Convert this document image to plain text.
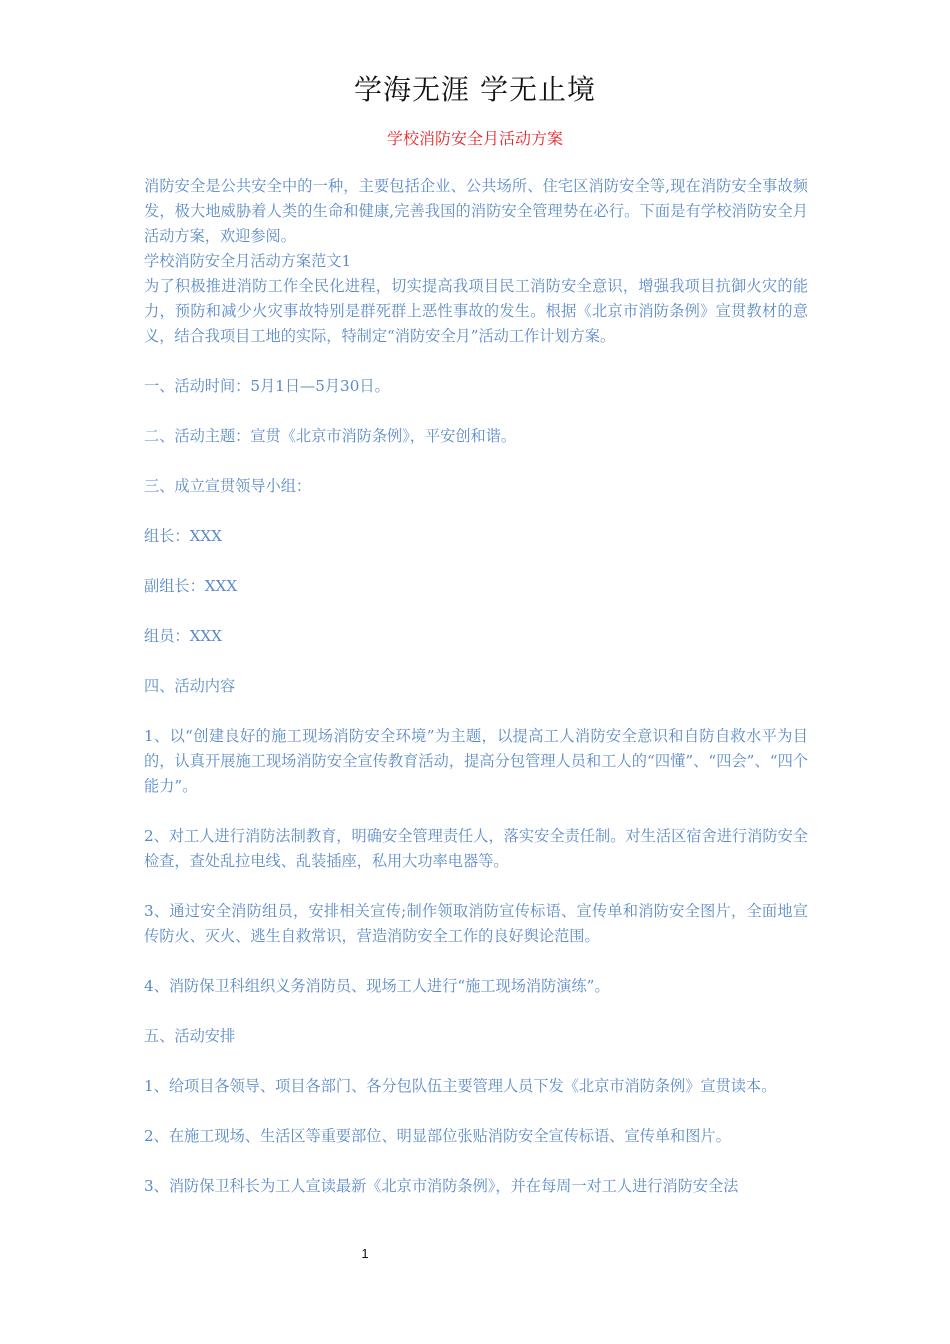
学海无涯 学无止境
学校消防安全月活动方案

消防安全是公共安全中的一种，主要包括企业、公共场所、住宅区消防安全等,现在消防安全事故频发，极大地威胁着人类的生命和健康,完善我国的消防安全管理势在必行。下面是有学校消防安全月活动方案，欢迎参阅。

学校消防安全月活动方案范文1

为了积极推进消防工作全民化进程，切实提高我项目民工消防安全意识，增强我项目抗御火灾的能力，预防和减少火灾事故特别是群死群上恶性事故的发生。根据《北京市消防条例》宣贯教材的意义，结合我项目工地的实际，特制定“消防安全月”活动工作计划方案。

一、活动时间：5月1日—5月30日。

二、活动主题：宣贯《北京市消防条例》，平安创和谐。

三、成立宣贯领导小组：

组长：XXX

副组长：XXX

组员：XXX

四、活动内容

1、以“创建良好的施工现场消防安全环境”为主题，以提高工人消防安全意识和自防自救水平为目的，认真开展施工现场消防安全宣传教育活动，提高分包管理人员和工人的“四懂”、“四会”、“四个能力”。

2、对工人进行消防法制教育，明确安全管理责任人，落实安全责任制。对生活区宿舍进行消防安全检查，查处乱拉电线、乱装插座，私用大功率电器等。

3、通过安全消防组员，安排相关宣传;制作领取消防宣传标语、宣传单和消防安全图片，全面地宣传防火、灭火、逃生自救常识，营造消防安全工作的良好舆论范围。

4、消防保卫科组织义务消防员、现场工人进行“施工现场消防演练”。

五、活动安排

1、给项目各领导、项目各部门、各分包队伍主要管理人员下发《北京市消防条例》宣贯读本。

2、在施工现场、生活区等重要部位、明显部位张贴消防安全宣传标语、宣传单和图片。

3、消防保卫科长为工人宣读最新《北京市消防条例》，并在每周一对工人进行消防安全法

1
